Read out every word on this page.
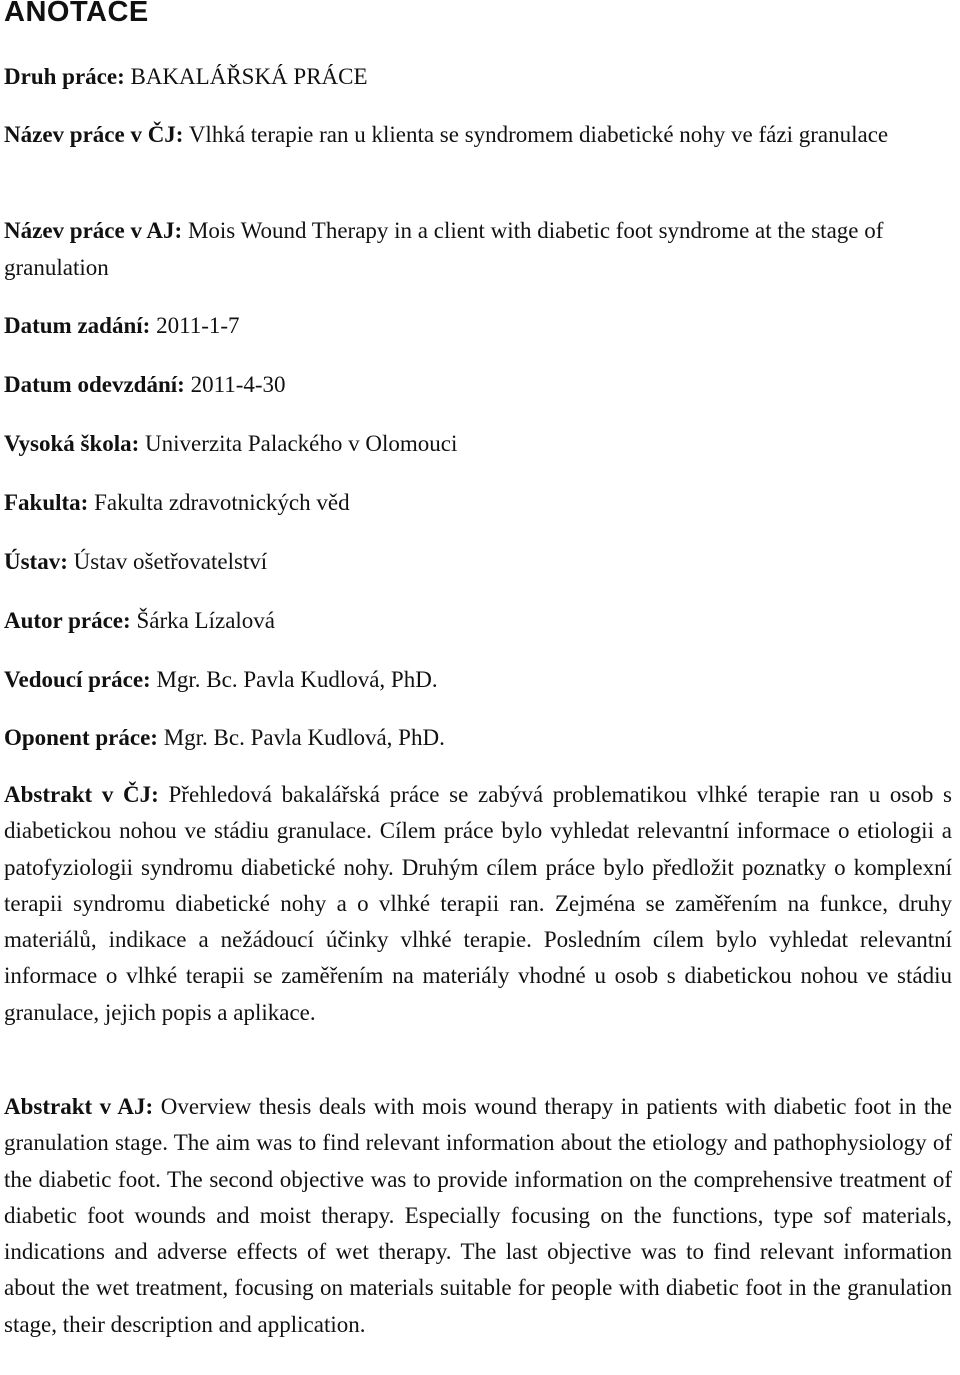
ANOTACE
Druh práce: BAKALÁŘSKÁ PRÁCE
Název práce v ČJ: Vlhká terapie ran u klienta se syndromem diabetické nohy ve fázi granulace
Název práce v AJ: Mois Wound Therapy in a client with diabetic foot syndrome at the stage of granulation
Datum zadání: 2011-1-7
Datum odevzdání: 2011-4-30
Vysoká škola: Univerzita Palackého v Olomouci
Fakulta: Fakulta zdravotnických věd
Ústav: Ústav ošetřovatelství
Autor práce: Šárka Lízalová
Vedoucí práce: Mgr. Bc. Pavla Kudlová, PhD.
Oponent práce: Mgr. Bc. Pavla Kudlová, PhD.
Abstrakt v ČJ: Přehledová bakalářská práce se zabývá problematikou vlhké terapie ran u osob s diabetickou nohou ve stádiu granulace. Cílem práce bylo vyhledat relevantní informace o etiologii a patofyziologii syndromu diabetické nohy. Druhým cílem práce bylo předložit poznatky o komplexní terapii syndromu diabetické nohy a o vlhké terapii ran. Zejména se zaměřením na funkce, druhy materiálů, indikace a nežádoucí účinky vlhké terapie. Posledním cílem bylo vyhledat relevantní informace o vlhké terapii se zaměřením na materiály vhodné u osob s diabetickou nohou ve stádiu granulace, jejich popis a aplikace.
Abstrakt v AJ: Overview thesis deals with mois wound therapy in patients with diabetic foot in the granulation stage. The aim was to find relevant information about the etiology and pathophysiology of the diabetic foot. The second objective was to provide information on the comprehensive treatment of diabetic foot wounds and moist therapy. Especially focusing on the functions, type sof materials, indications and adverse effects of wet therapy. The last objective was to find relevant information about the wet treatment, focusing on materials suitable for people with diabetic foot in the granulation stage, their description and application.
